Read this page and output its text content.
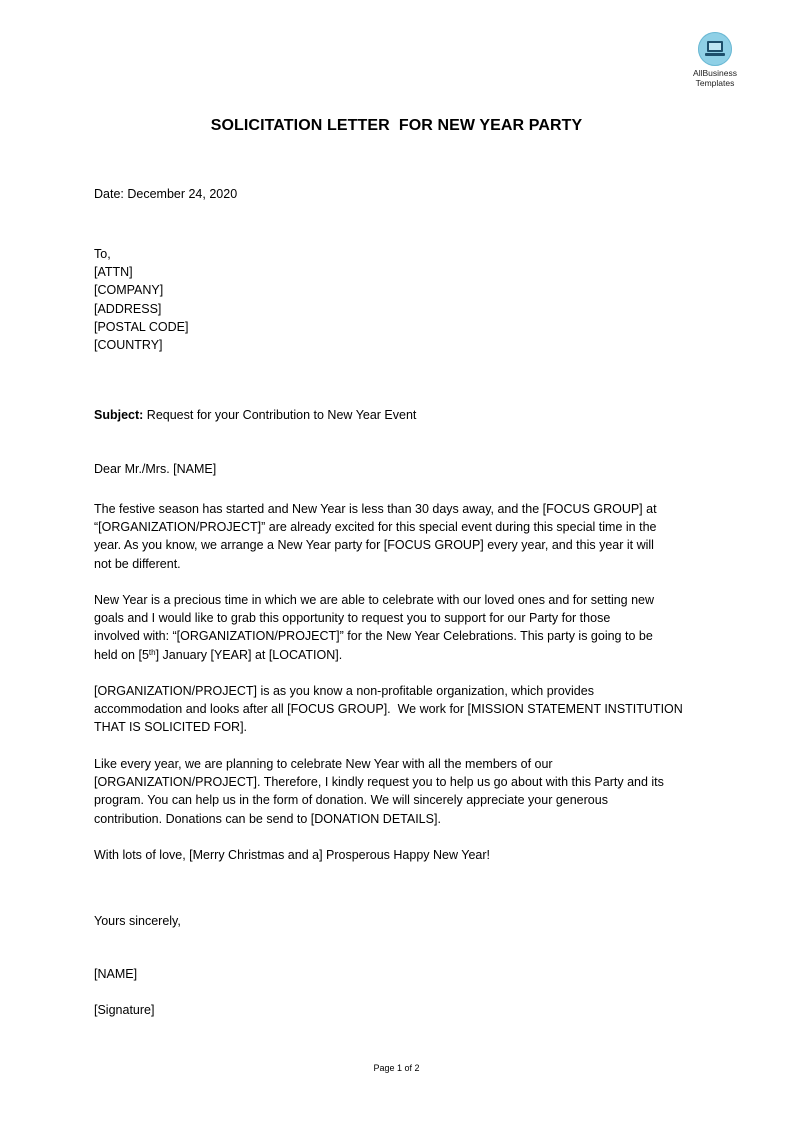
AllBusiness
Templates
SOLICITATION LETTER  FOR NEW YEAR PARTY
Date: December 24, 2020
To,
[ATTN]
[COMPANY]
[ADDRESS]
[POSTAL CODE]
[COUNTRY]
Subject: Request for your Contribution to New Year Event
Dear Mr./Mrs. [NAME]
The festive season has started and New Year is less than 30 days away, and the [FOCUS GROUP] at
“[ORGANIZATION/PROJECT]” are already excited for this special event during this special time in the
year. As you know, we arrange a New Year party for [FOCUS GROUP] every year, and this year it will
not be different.
New Year is a precious time in which we are able to celebrate with our loved ones and for setting new
goals and I would like to grab this opportunity to request you to support for our Party for those
involved with: “[ORGANIZATION/PROJECT]” for the New Year Celebrations. This party is going to be
held on [5th] January [YEAR] at [LOCATION].
[ORGANIZATION/PROJECT] is as you know a non-profitable organization, which provides
accommodation and looks after all [FOCUS GROUP].  We work for [MISSION STATEMENT INSTITUTION
THAT IS SOLICITED FOR].
Like every year, we are planning to celebrate New Year with all the members of our
[ORGANIZATION/PROJECT]. Therefore, I kindly request you to help us go about with this Party and its
program. You can help us in the form of donation. We will sincerely appreciate your generous
contribution. Donations can be send to [DONATION DETAILS].
With lots of love, [Merry Christmas and a] Prosperous Happy New Year!
Yours sincerely,
[NAME]
[Signature]
Page 1 of 2
